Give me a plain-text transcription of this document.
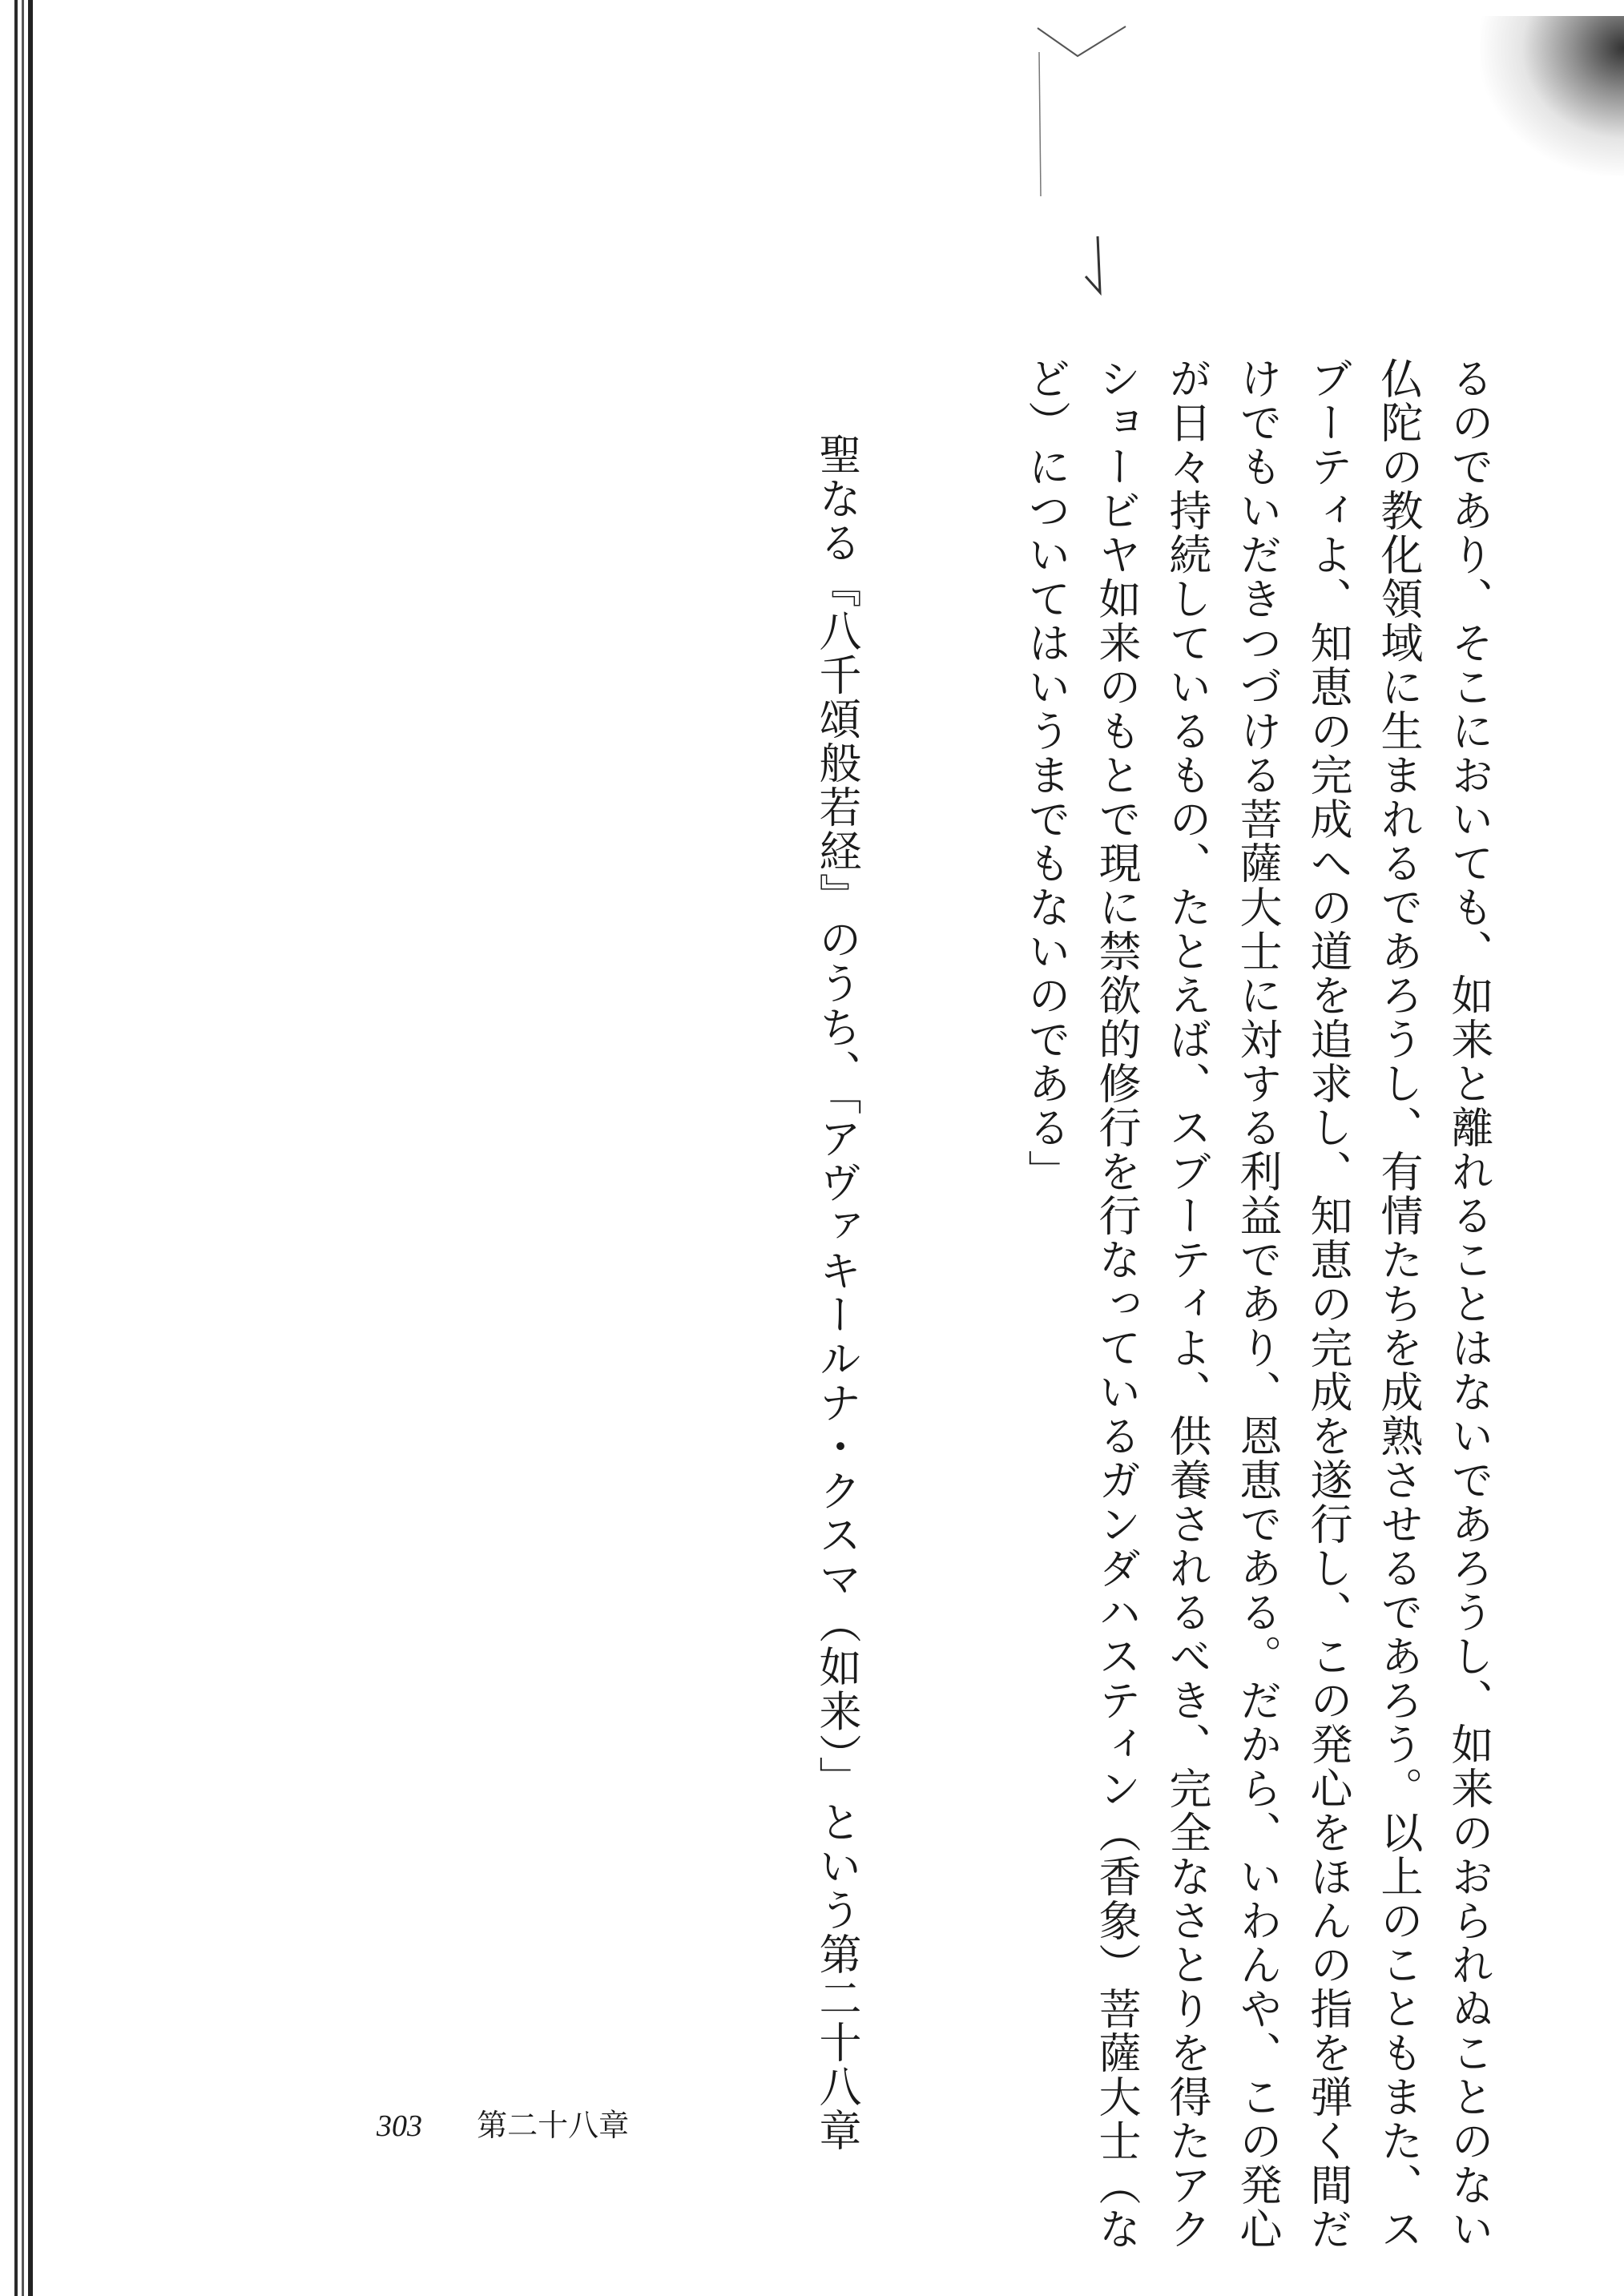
るのであり、そこにおいても、如来と離れることはないであろうし、如来のおられぬことのない
仏陀の教化領域に生まれるであろうし、有情たちを成熟させるであろう。以上のこともまた、ス
ブーティよ、知恵の完成への道を追求し、知恵の完成を遂行し、この発心をほんの指を弾く間だ
けでもいだきつづける菩薩大士に対する利益であり、恩恵である。だから、いわんや、この発心
が日々持続しているもの、たとえば、スブーティよ、供養されるべき、完全なさとりを得たアク
ショービヤ如来のもとで現に禁欲的修行を行なっているガンダハスティン（香象）菩薩大士（な
ど）についてはいうまでもないのである」
聖なる『八千頌般若経』のうち、「アヴァキールナ・クスマ（如来）」という第二十八章
303 第二十八章
